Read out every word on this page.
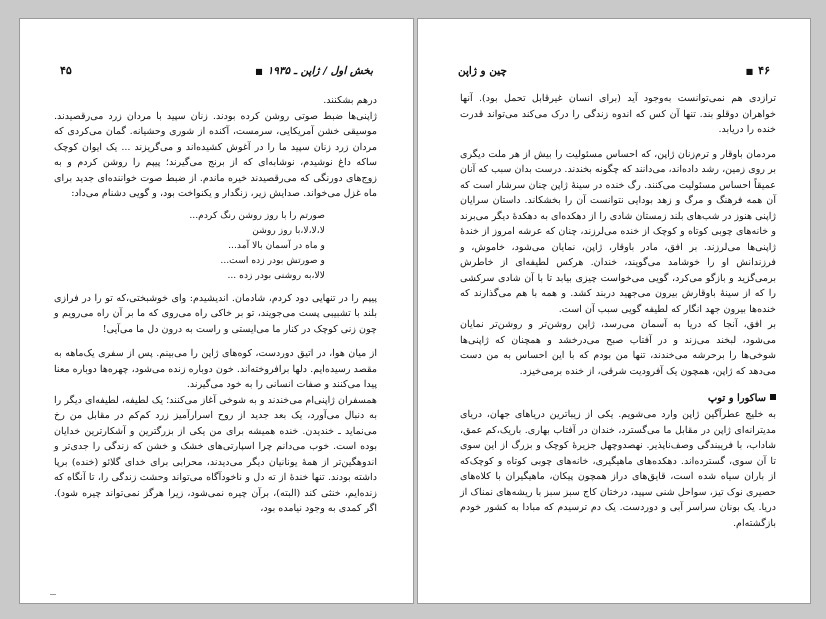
بخش اول / ژاپن ـ ۱۹۳۵■
۴۵

درهم بشکنند.

ژاپنی‌ها ضبط صوتی روشن کرده بودند. زنان سپید با مردان زرد می‌رقصیدند. موسیقی خشن آمریکایی، سرمست، آکنده از شوری وحشیانه. گمان می‌کردی که مردان زرد زنان سپید ما را در آغوش کشیده‌اند و می‌گریزند ... یک ایوان کوچک ساکه داغ نوشیدم، نوشابه‌ای که از برنج می‌گیرند؛ پیپم را روشن کردم و به زوج‌های دورنگی که می‌رقصیدند خیره ماندم. از ضبط صوت خواننده‌ای جدید برای ماه غزل می‌خواند. صدایش زیر، زنگدار و یکنواخت بود، و گویی دشنام می‌داد:

صورتم را با روز روشن رنگ کردم...
لا،لا،لا،با روز روشن
و ماه در آسمان بالا آمد...
و صورتش بودر زده است...
لالا،به روشنی بودر زده ...

پیپم را در تنهایی دود کردم، شادمان. اندیشیدم: وای خوشبختی،که تو را در فرازی بلند با تشبیبی پست می‌جویند، تو بر خاکی راه می‌روی که ما بر آن راه می‌رویم و چون زنی کوچک در کنار ما می‌ایستی و راست به درون دل ما می‌آیی!

از میان هوا، در اتیق دوردست، کوه‌های ژاپن را می‌بینم. پس از سفری یک‌ماهه به مقصد رسیده‌ایم. دلها برافروخته‌اند. خون دوباره زنده می‌شود، چهره‌ها دوباره معنا پیدا می‌کنند و صفات انسانی را به خود می‌گیرند.

همسفران ژاپنی‌ام می‌خندند و به شوخی آغاز می‌کنند؛ یک لطیفه، لطیفه‌ای دیگر را به دنبال می‌آورد، یک بعد جدید از روح اسرارآمیز زرد کم‌کم در مقابل من رخ می‌نماید ـ خندیدن. خنده همیشه برای من یکی از بزرگترین و آشکارترین خدایان بوده است. خوب می‌دانم چرا اسپارتی‌های خشک و خشن که زندگی را جدی‌تر و اندوهگین‌تر از همهٔ یونانیان دیگر می‌دیدند، محرابی برای خدای گلائو (خنده) برپا داشته بودند. تنها خندهٔ از ته دل و ناخودآگاه می‌تواند وحشت زندگی را، تا آنگاه که زنده‌ایم، خنثی کند (البته)، برآن چیره نمی‌شود، زیرا هرگز نمی‌تواند چیره شود). اگر کمدی به وجود نیامده بود،

۴۶■
چین و ژاپن

ترازدی هم نمی‌توانست به‌وجود آید (برای انسان غیرقابل تحمل بود). آنها خواهران دوقلو بند. تنها آن کس که اندوه زندگی را درک می‌کند می‌تواند قدرت خنده را دریابد.

مردمان باوقار و ترم‌زنان ژاپن، که احساس مسئولیت را بیش از هر ملت دیگری بر روی زمین، رشد داده‌اند، می‌دانند که چگونه بخندند. درست بدان سبب که آنان عمیقاً احساس مسئولیت می‌کنند. رگ خنده در سینهٔ ژاپن چنان سرشار است که آن همه فرهنگ و مرگ و زهد بودایی نتوانست آن را بخشکاند. داستان سرایان ژاپنی هنوز در شب‌های بلند زمستان شادی را از دهکده‌ای به دهکدهٔ دیگر می‌برند و خانه‌های چوبی کوتاه و کوچک از خنده می‌لرزند، چنان که عرشه امروز از خندهٔ ژاپنی‌ها می‌لرزند. بر افق، مادر باوقار، ژاپن، نمایان می‌شود، خاموش، و فرزندانش او را خوشامد می‌گویند، خندان. هرکس لطیفه‌ای از خاطرش برمی‌گزید و بازگو می‌کرد، گویی می‌خواست چیزی بیابد تا با آن شادی سرکشی را که از سینهٔ باوقارش بیرون می‌جهید دربند کشد. و همه با هم می‌گذارند که خنده‌ها بیرون جهد انگار که لطیفه گویی سبب آن است.

بر افق، آنجا که دریا به آسمان می‌رسد، ژاپن روشن‌تر و روشن‌تر نمایان می‌شود، لبخند می‌زند و در آفتاب صبح می‌درخشد و همچنان که ژاپنی‌ها شوخی‌ها را برحرشه می‌خندند، تنها من بودم که با این احساس به من دست می‌دهد که ژاپن، همچون یک آفرودیت شرقی، از خنده برمی‌خیزد.

ساکورا و توپ

به خلیج عطرآگین ژاپن وارد می‌شویم. یکی از زیباترین دریاهای جهان، دریای مدیترانه‌ای ژاپن در مقابل ما می‌گسترد، خندان در آفتاب بهاری. باریک،کم عمق، شاداب، با فریبندگی وصف‌ناپذیر. نهصدوچهل جزیرهٔ کوچک و بزرگ از این سوی تا آن سوی، گسترده‌اند. دهکده‌های ماهیگیری، خانه‌های چوبی کوتاه و کوچک‌که از باران سیاه شده است، قایق‌های دراز همچون پیکان، ماهیگیران با کلاه‌های حصیری نوک تیز، سواحل شنی سپید، درختان کاج سبز سبز با ریشه‌های نمناک از دریا. یک بونان سراسر آبی و دوردست. یک دم ترسیدم که مبادا به کشور خودم بازگشته‌ام.
